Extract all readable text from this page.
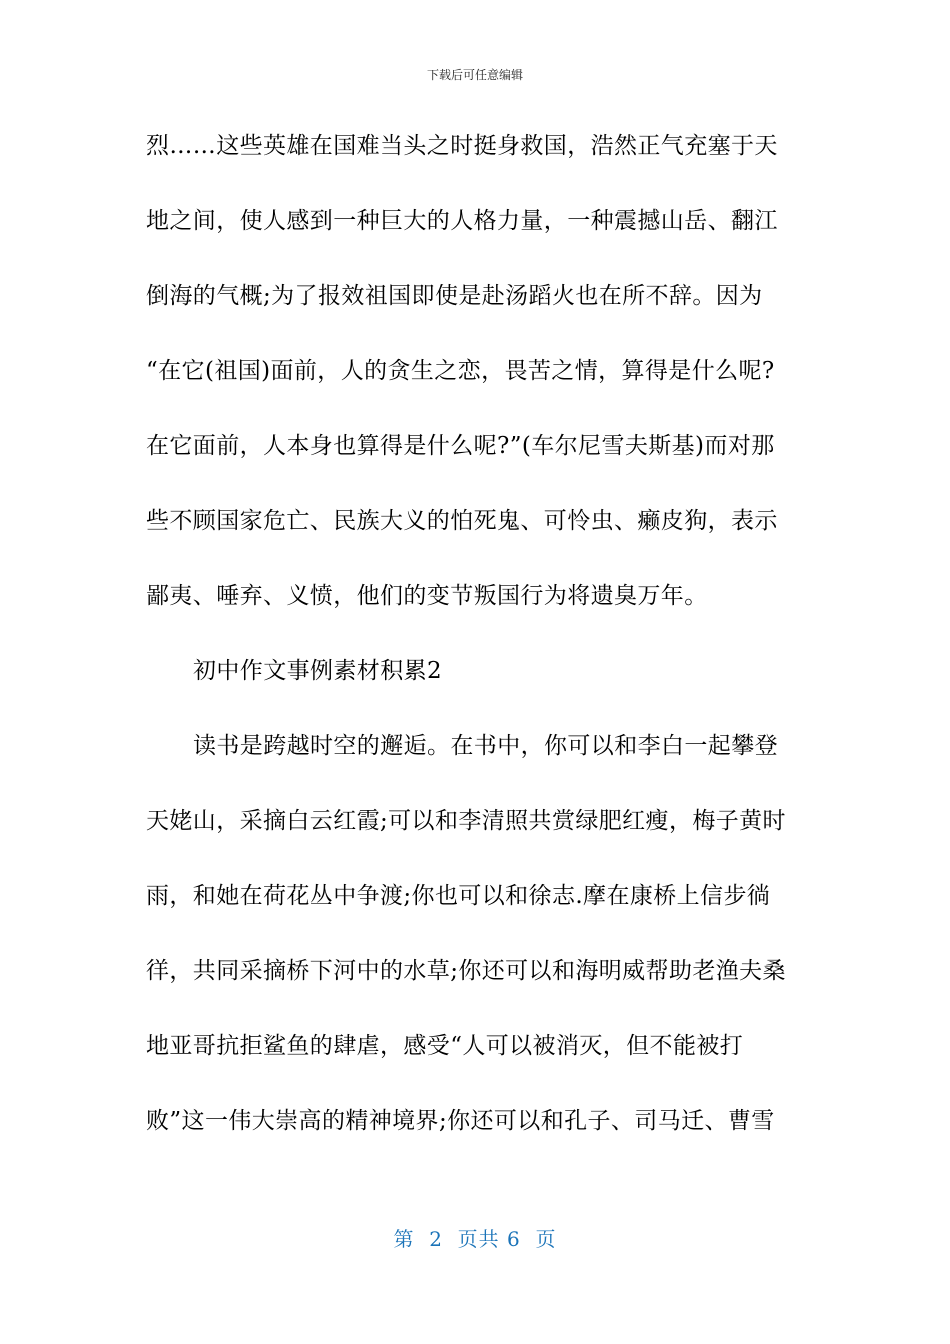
下载后可任意编辑
烈……这些英雄在国难当头之时挺身救国，浩然正气充塞于天
地之间，使人感到一种巨大的人格力量，一种震撼山岳、翻江
倒海的气概;为了报效祖国即使是赴汤蹈火也在所不辞。因为
“在它(祖国)面前，人的贪生之恋，畏苦之情，算得是什么呢?
在它面前，人本身也算得是什么呢?”(车尔尼雪夫斯基)而对那
些不顾国家危亡、民族大义的怕死鬼、可怜虫、癞皮狗，表示
鄙夷、唾弃、义愤，他们的变节叛国行为将遗臭万年。
初中作文事例素材积累2
读书是跨越时空的邂逅。在书中，你可以和李白一起攀登
天姥山，采摘白云红霞;可以和李清照共赏绿肥红瘦，梅子黄时
雨，和她在荷花丛中争渡;你也可以和徐志.摩在康桥上信步徜
徉，共同采摘桥下河中的水草;你还可以和海明威帮助老渔夫桑
地亚哥抗拒鲨鱼的肆虐，感受“人可以被消灭，但不能被打
败”这一伟大崇高的精神境界;你还可以和孔子、司马迁、曹雪
第  2  页共 6  页
